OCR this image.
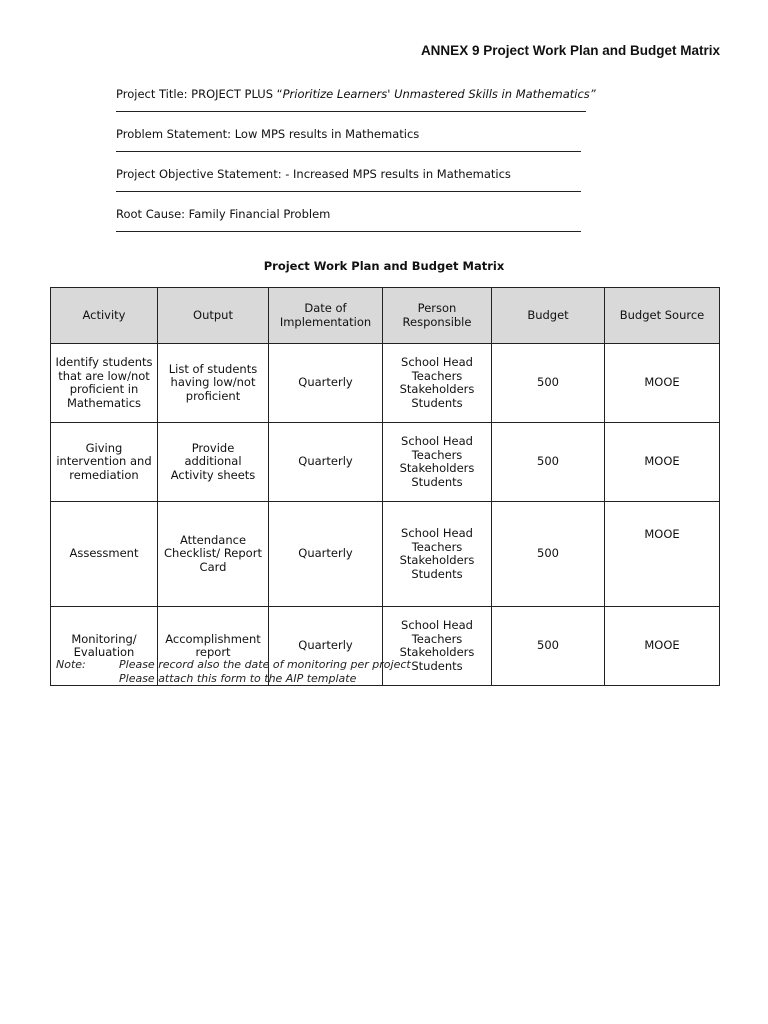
ANNEX 9 Project Work Plan and Budget Matrix
Project Title: PROJECT PLUS “Prioritize Learners' Unmastered Skills in Mathematics”
Problem Statement: Low MPS results in Mathematics
Project Objective Statement: - Increased MPS results in Mathematics
Root Cause: Family Financial Problem
Project Work Plan and Budget Matrix
Activity	Output	Date of Implementation	Person Responsible	Budget	Budget Source
Identify students that are low/not proficient in Mathematics	List of students having low/not proficient	Quarterly	School Head
Teachers
Stakeholders
Students	500	MOOE
Giving intervention and remediation	Provide additional Activity sheets	Quarterly	School Head
Teachers
Stakeholders
Students	500	MOOE
Assessment	Attendance Checklist/ Report Card	Quarterly	School Head
Teachers
Stakeholders
Students	500	MOOE
Monitoring/ Evaluation	Accomplishment report	Quarterly	School Head
Teachers
Stakeholders
Students	500	MOOE
Note:	Please record also the date of monitoring per project
Please attach this form to the AIP template
